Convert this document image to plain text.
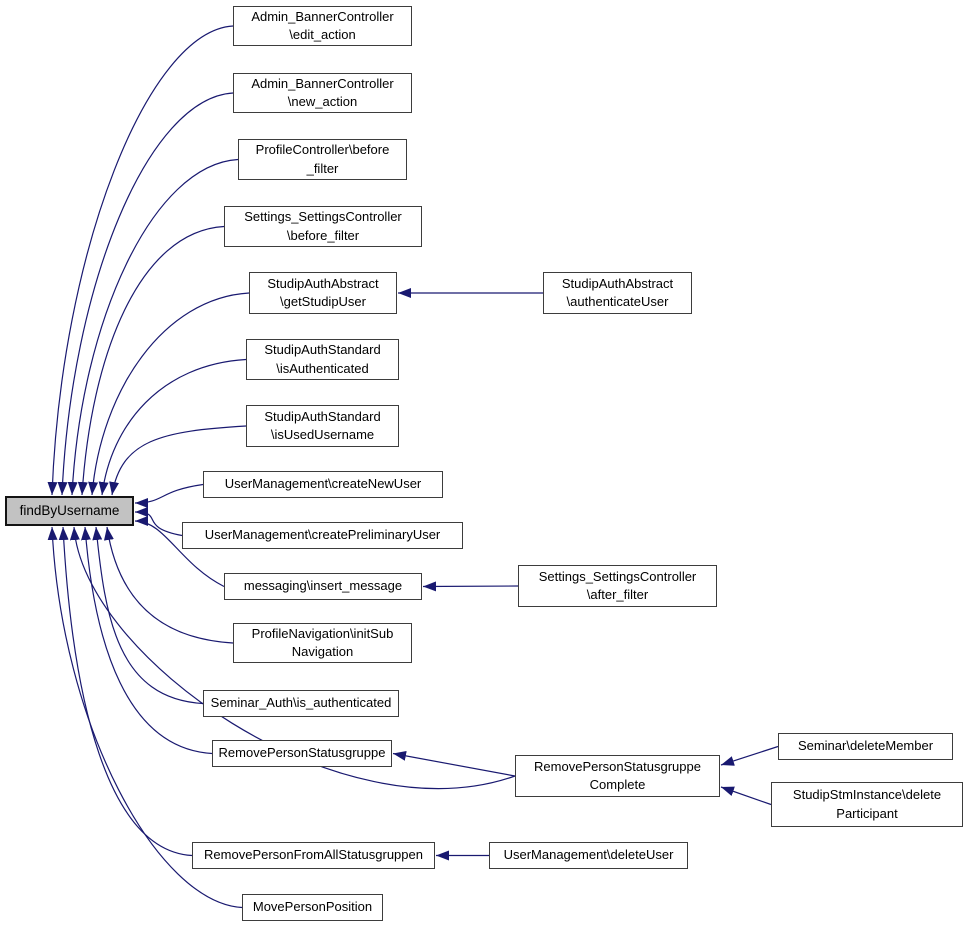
findByUsername
Admin_BannerController
\edit_action
Admin_BannerController
\new_action
ProfileController\before
_filter
Settings_SettingsController
\before_filter
StudipAuthAbstract
\getStudipUser
StudipAuthStandard
\isAuthenticated
StudipAuthStandard
\isUsedUsername
UserManagement\createNewUser
UserManagement\createPreliminaryUser
messaging\insert_message
ProfileNavigation\initSub
Navigation
Seminar_Auth\is_authenticated
RemovePersonStatusgruppe
RemovePersonFromAllStatusgruppen
MovePersonPosition
StudipAuthAbstract
\authenticateUser
Settings_SettingsController
\after_filter
RemovePersonStatusgruppe
Complete
UserManagement\deleteUser
Seminar\deleteMember
StudipStmInstance\delete
Participant
